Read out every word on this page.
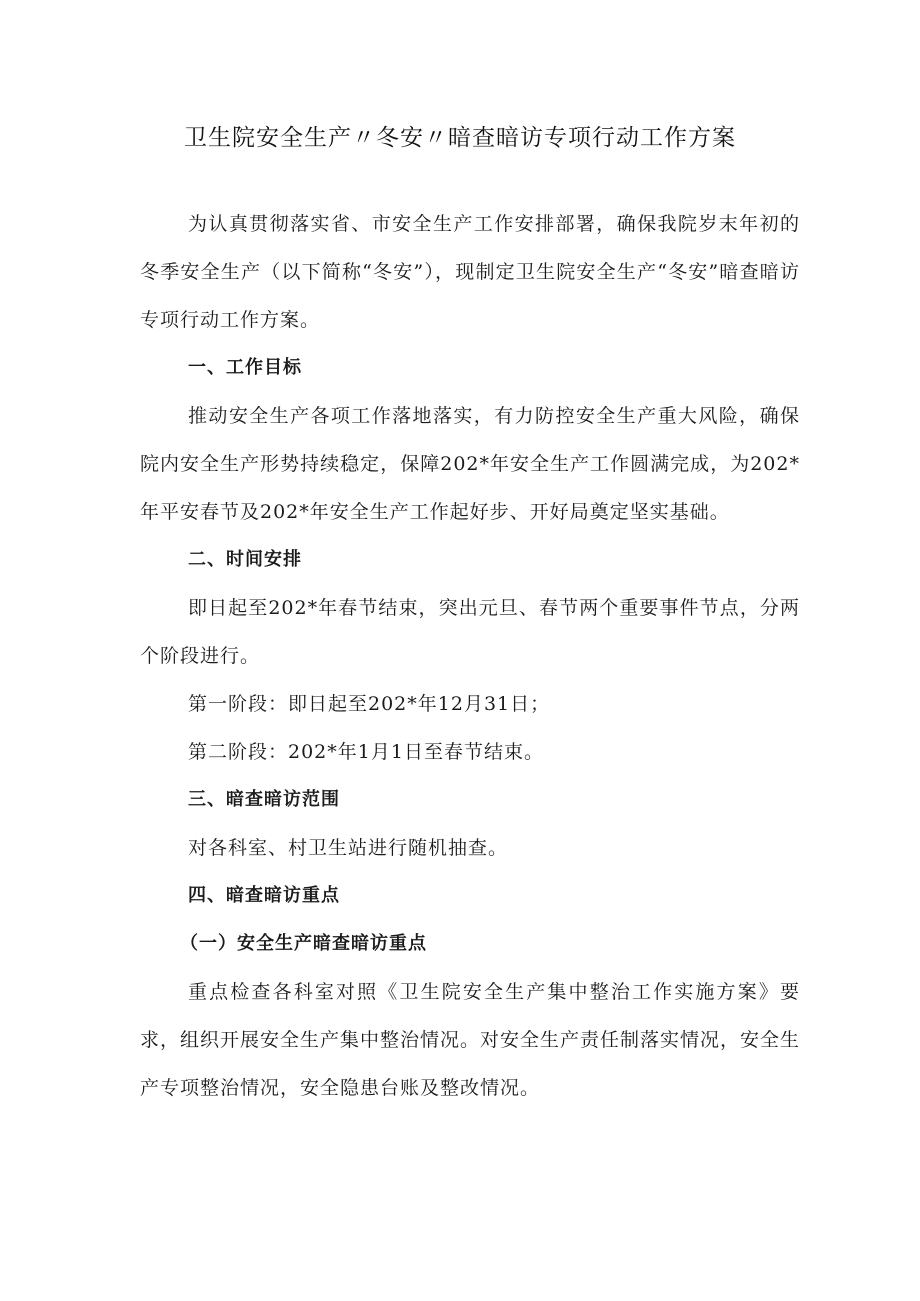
卫生院安全生产〃冬安〃暗查暗访专项行动工作方案

为认真贯彻落实省、市安全生产工作安排部署，确保我院岁末年初的冬季安全生产（以下简称“冬安”），现制定卫生院安全生产“冬安”暗查暗访专项行动工作方案。

一、工作目标

推动安全生产各项工作落地落实，有力防控安全生产重大风险，确保院内安全生产形势持续稳定，保障202*年安全生产工作圆满完成，为202*年平安春节及202*年安全生产工作起好步、开好局奠定坚实基础。

二、时间安排

即日起至202*年春节结束，突出元旦、春节两个重要事件节点，分两个阶段进行。

第一阶段：即日起至202*年12月31日；

第二阶段：202*年1月1日至春节结束。

三、暗查暗访范围

对各科室、村卫生站进行随机抽查。

四、暗查暗访重点

（一）安全生产暗查暗访重点

重点检查各科室对照《卫生院安全生产集中整治工作实施方案》要求，组织开展安全生产集中整治情况。对安全生产责任制落实情况，安全生产专项整治情况，安全隐患台账及整改情况。
